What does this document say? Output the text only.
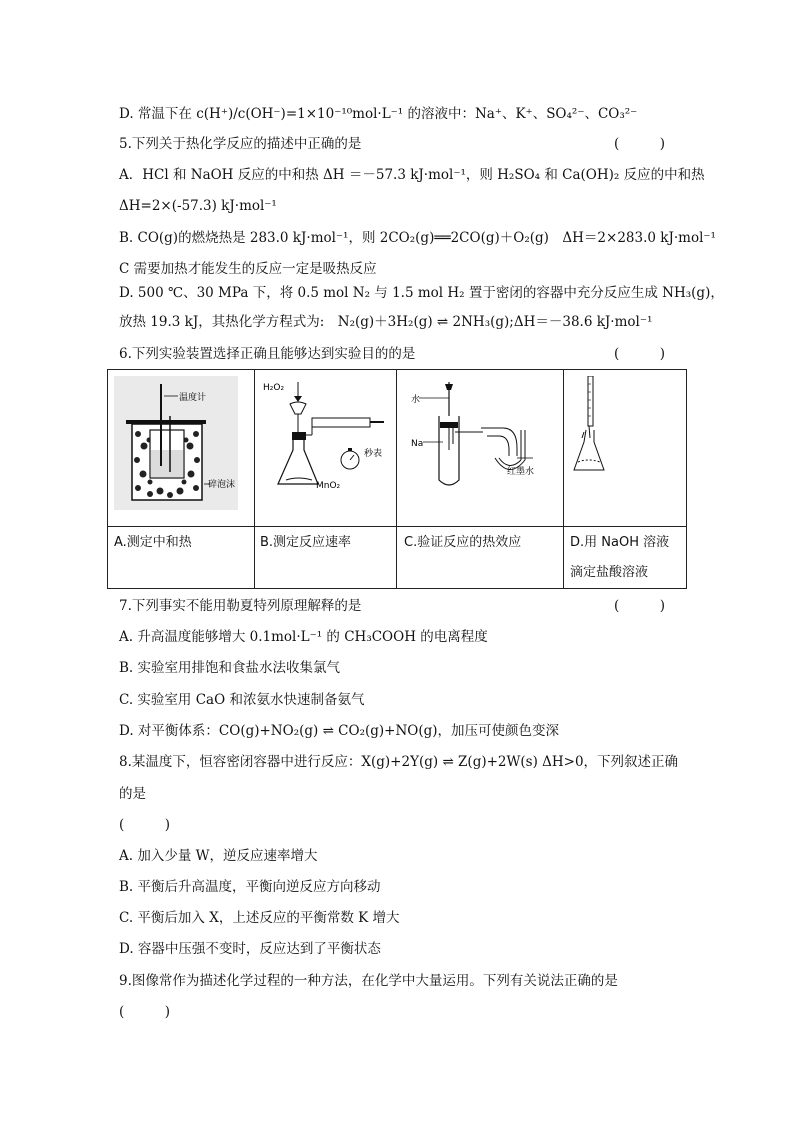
D. 常温下在 c(H⁺)/c(OH⁻)=1×10⁻¹⁰mol·L⁻¹ 的溶液中：Na⁺、K⁺、SO₄²⁻、CO₃²⁻
5.下列关于热化学反应的描述中正确的是	(　　　)
A．HCl 和 NaOH 反应的中和热 ΔH ＝－57.3 kJ·mol⁻¹，则 H₂SO₄ 和 Ca(OH)₂ 反应的中和热
ΔH=2×(-57.3) kJ·mol⁻¹
B. CO(g)的燃烧热是 283.0 kJ·mol⁻¹，则 2CO₂(g)══2CO(g)＋O₂(g)　ΔH＝2×283.0 kJ·mol⁻¹
C 需要加热才能发生的反应一定是吸热反应
D. 500 ℃、30 MPa 下，将 0.5 mol N₂ 与 1.5 mol H₂ 置于密闭的容器中充分反应生成 NH₃(g)，
放热 19.3 kJ，其热化学方程式为:　N₂(g)＋3H₂(g) ⇌ 2NH₃(g);ΔH＝－38.6 kJ·mol⁻¹
6.下列实验装置选择正确且能够达到实验目的的是	(　　　)
温度计
碎泡沫
H₂O₂
MnO₂
秒表
水
Na
红墨水
A.测定中和热	B.测定反应速率	C.验证反应的热效应	D.用 NaOH 溶液
滴定盐酸溶液
7.下列事实不能用勒夏特列原理解释的是	(　　　)
A. 升高温度能够增大 0.1mol·L⁻¹ 的 CH₃COOH 的电离程度
B. 实验室用排饱和食盐水法收集氯气
C. 实验室用 CaO 和浓氨水快速制备氨气
D. 对平衡体系：CO(g)+NO₂(g) ⇌ CO₂(g)+NO(g)，加压可使颜色变深
8.某温度下，恒容密闭容器中进行反应：X(g)+2Y(g) ⇌ Z(g)+2W(s) ΔH>0，下列叙述正确
的是
(　　　)
A. 加入少量 W，逆反应速率增大
B. 平衡后升高温度，平衡向逆反应方向移动
C. 平衡后加入 X，上述反应的平衡常数 K 增大
D. 容器中压强不变时，反应达到了平衡状态
9.图像常作为描述化学过程的一种方法，在化学中大量运用。下列有关说法正确的是
(　　　)
